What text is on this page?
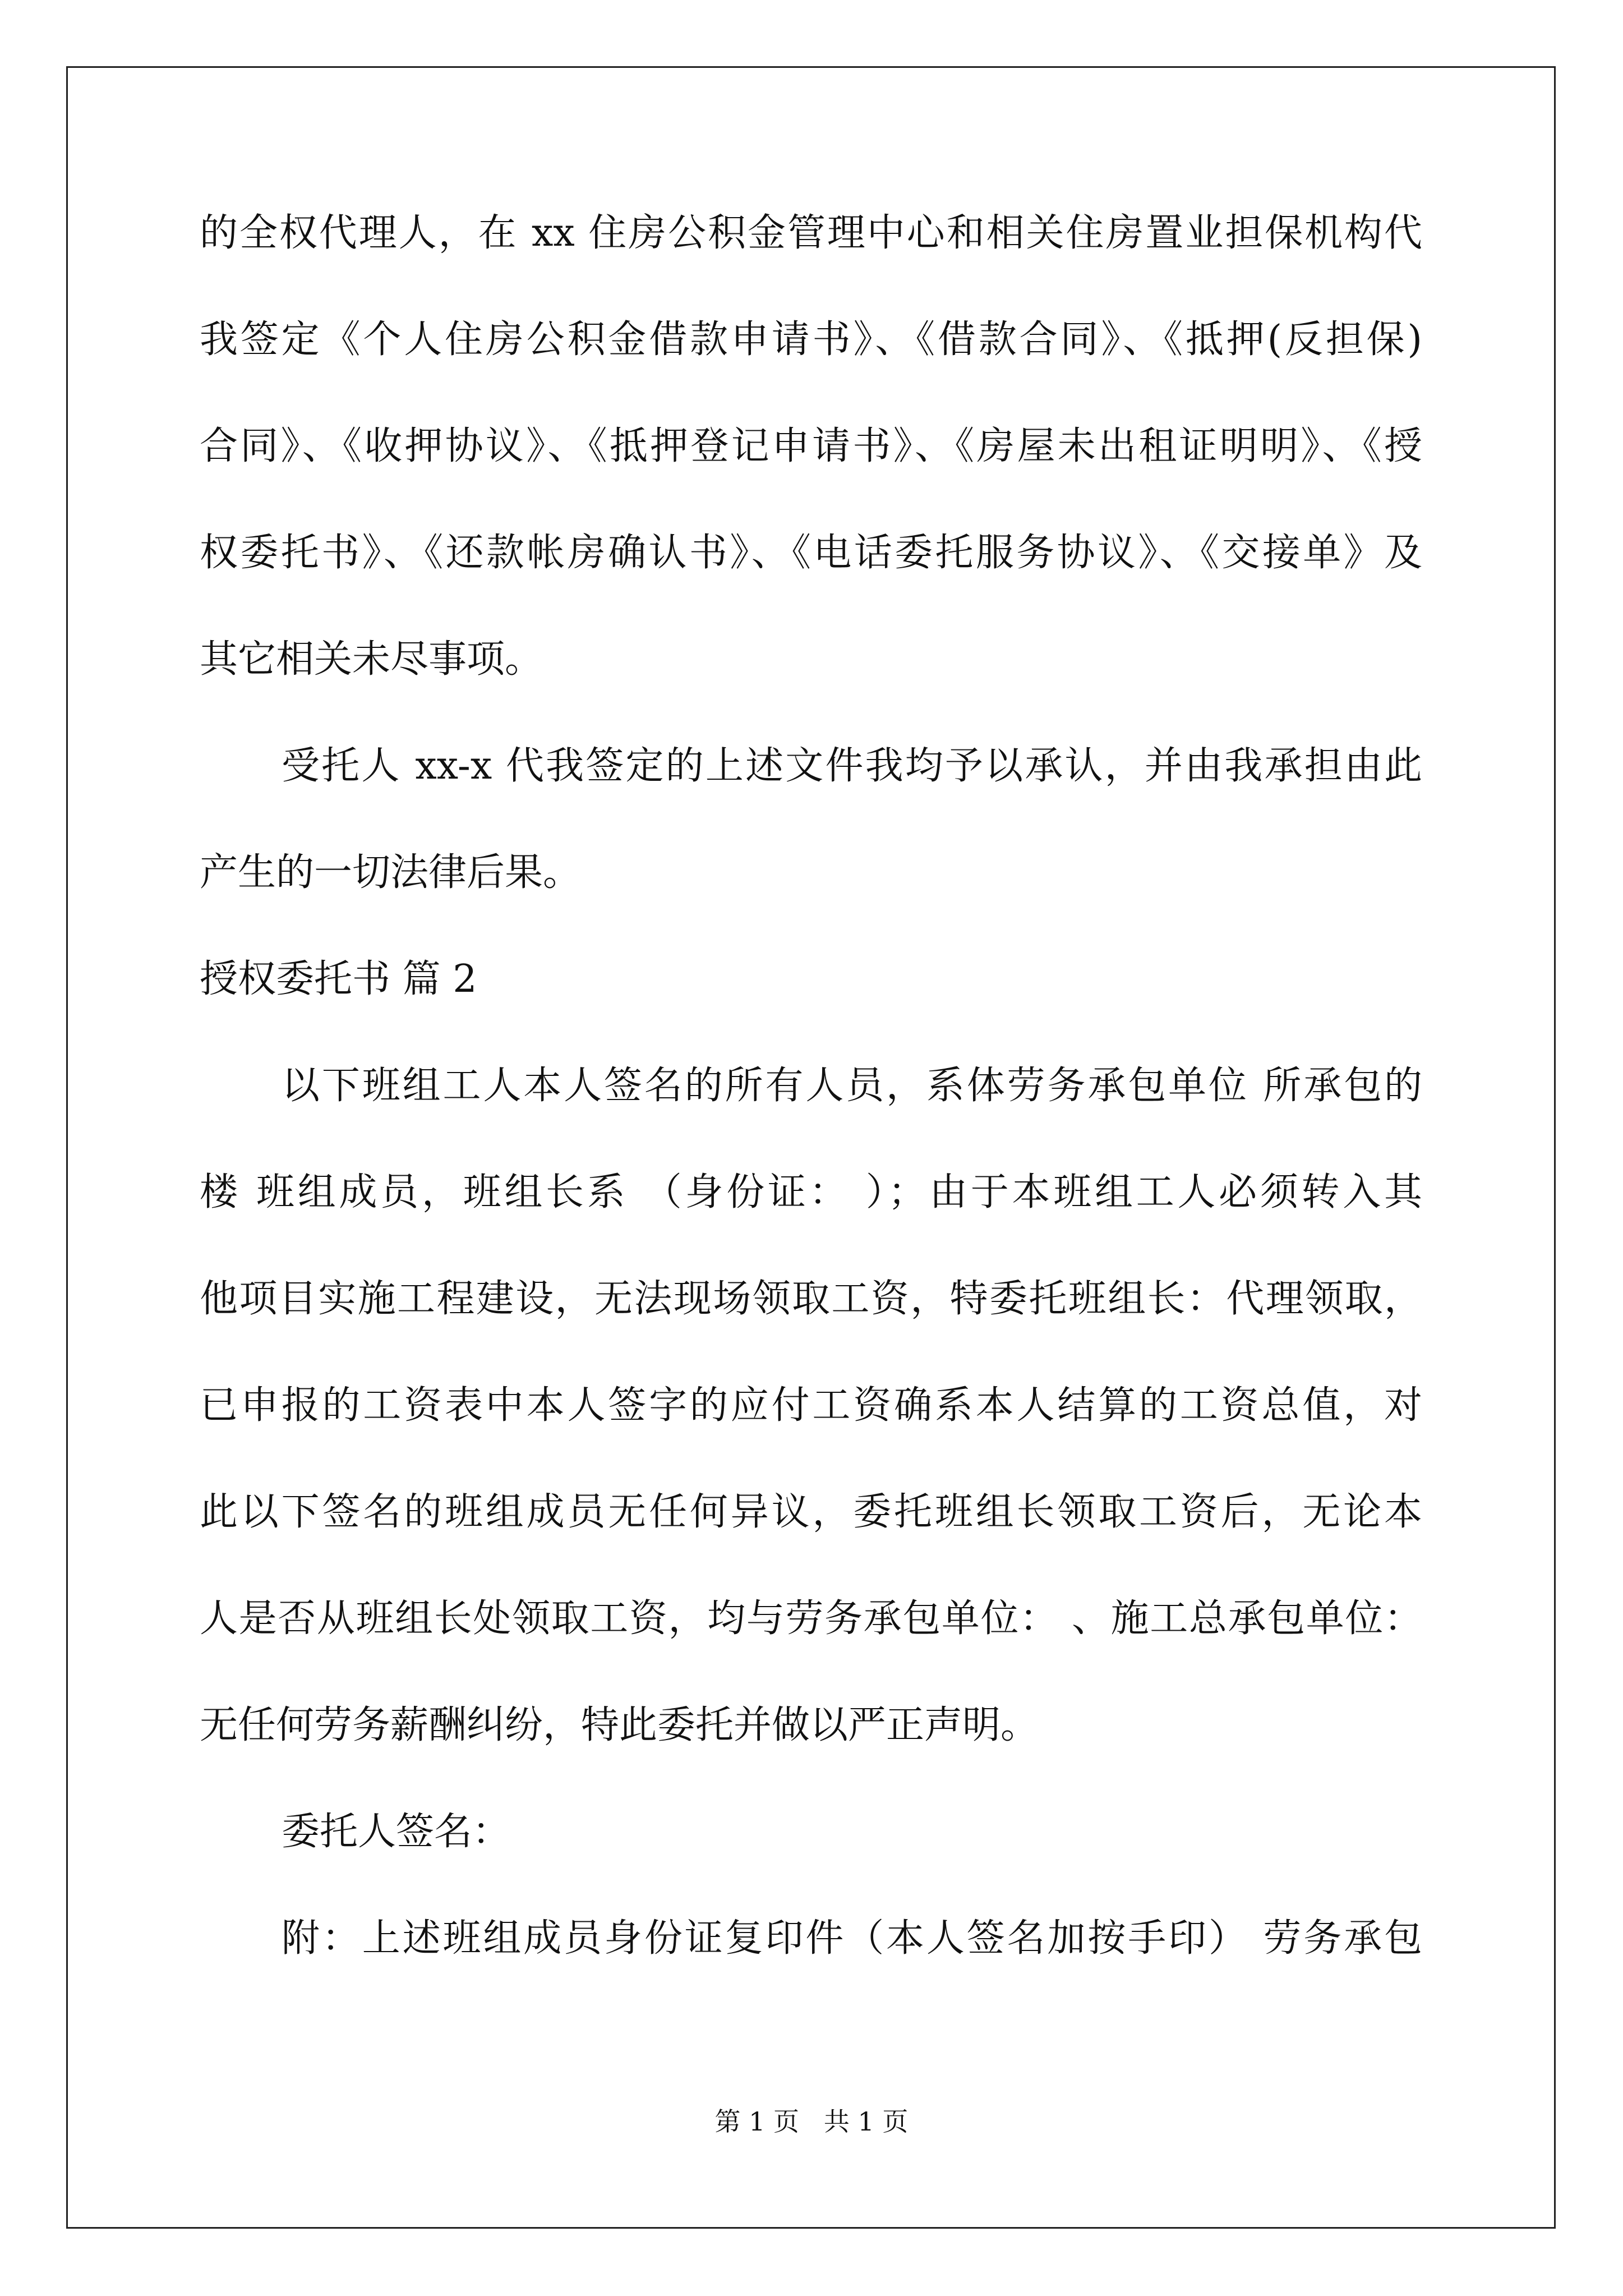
的全权代理人，在 xx 住房公积金管理中心和相关住房置业担保机构代
我签定《个人住房公积金借款申请书》、《借款合同》、《抵押(反担保)
合同》、《收押协议》、《抵押登记申请书》、《房屋未出租证明明》、《授
权委托书》、《还款帐房确认书》、《电话委托服务协议》、《交接单》及
其它相关未尽事项。
受托人 xx-x 代我签定的上述文件我均予以承认，并由我承担由此
产生的一切法律后果。
授权委托书 篇 2
以下班组工人本人签名的所有人员，系体劳务承包单位 所承包的
楼 班组成员，班组长系 （身份证： ）；由于本班组工人必须转入其
他项目实施工程建设，无法现场领取工资，特委托班组长：代理领取，
已申报的工资表中本人签字的应付工资确系本人结算的工资总值，对
此以下签名的班组成员无任何异议，委托班组长领取工资后，无论本
人是否从班组长处领取工资，均与劳务承包单位： 、施工总承包单位：
无任何劳务薪酬纠纷，特此委托并做以严正声明。
委托人签名：
附：上述班组成员身份证复印件（本人签名加按手印） 劳务承包
第 1 页   共 1 页
